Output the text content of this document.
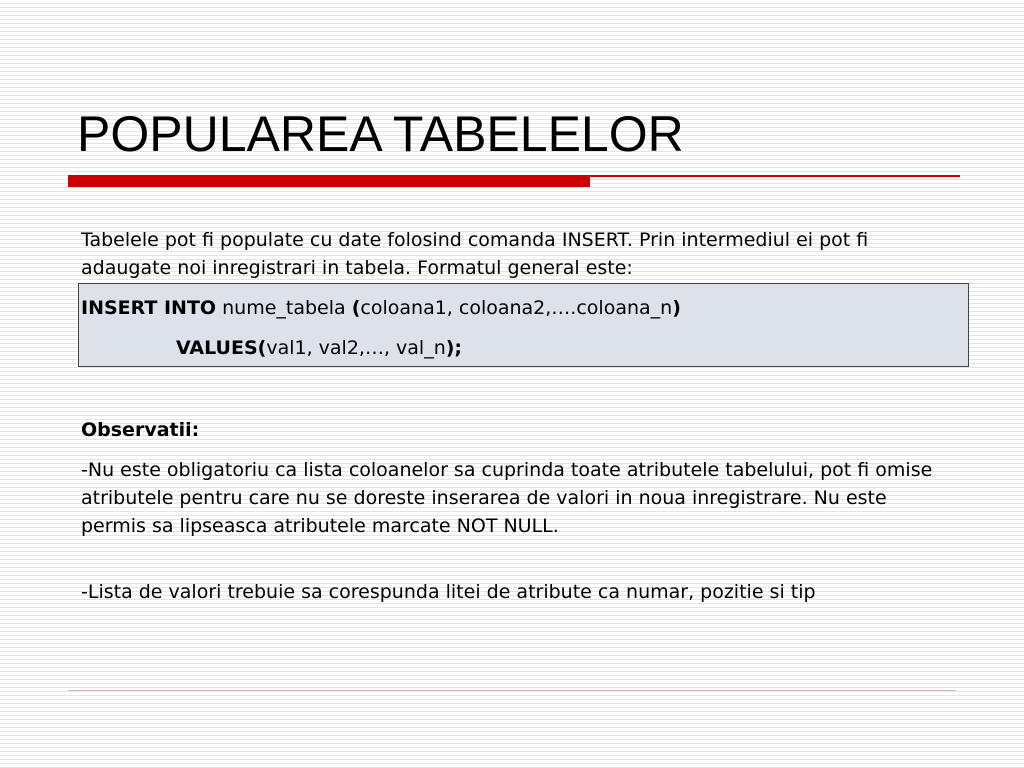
POPULAREA TABELELOR

Tabelele pot fi populate cu date folosind comanda INSERT. Prin intermediul ei pot fi adaugate noi inregistrari in tabela. Formatul general este:

INSERT INTO nume_tabela (coloana1, coloana2,….coloana_n)
VALUES(val1, val2,…, val_n);

Observatii:

-Nu este obligatoriu ca lista coloanelor sa cuprinda toate atributele tabelului, pot fi omise atributele pentru care nu se doreste inserarea de valori in noua inregistrare. Nu este permis sa lipseasca atributele marcate NOT NULL.

-Lista de valori trebuie sa corespunda litei de atribute ca numar, pozitie si tip
